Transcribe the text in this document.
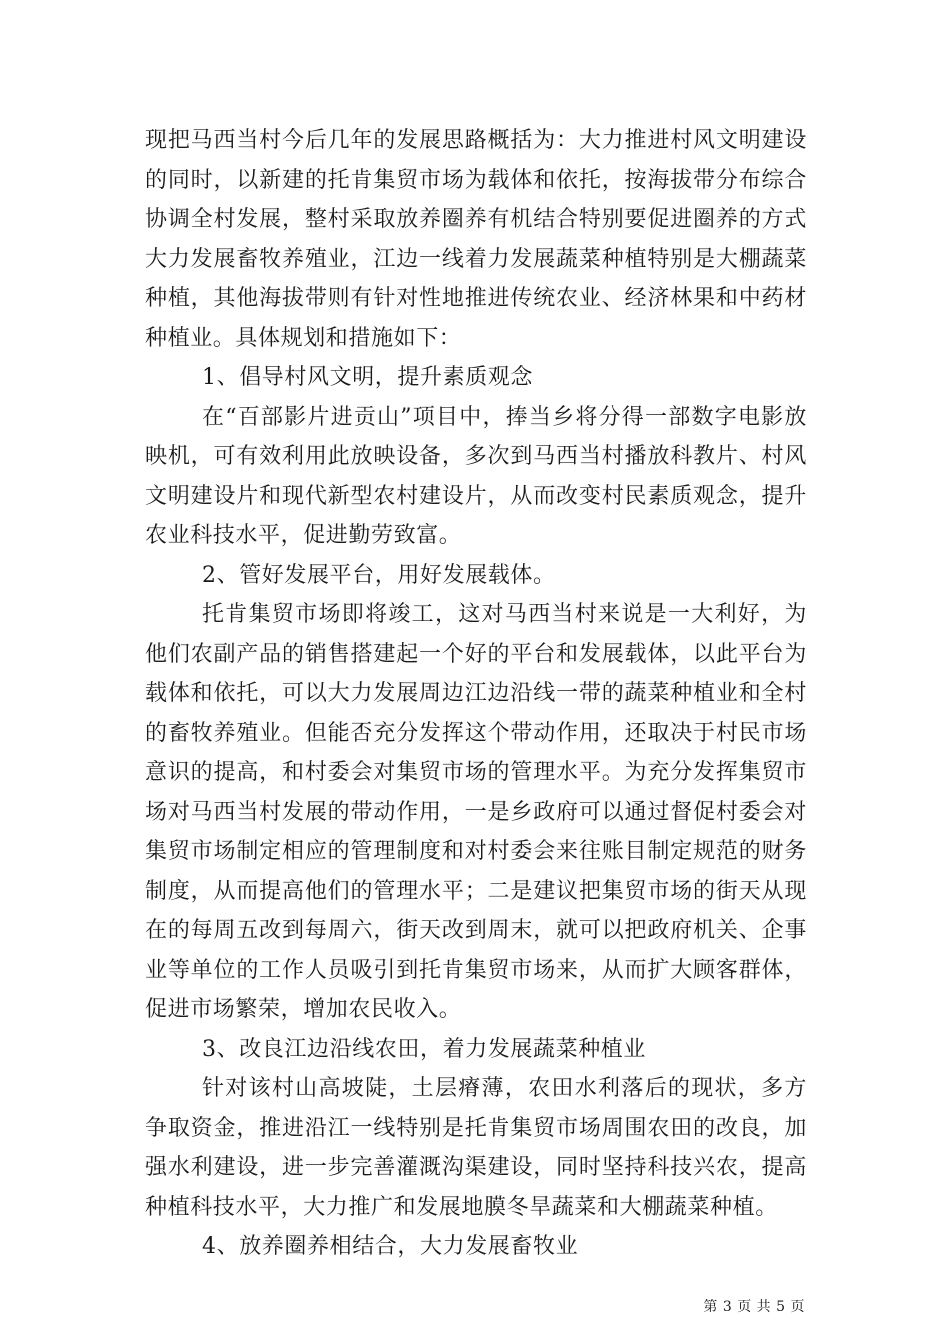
现把马西当村今后几年的发展思路概括为：大力推进村风文明建设的同时，以新建的托肯集贸市场为载体和依托，按海拔带分布综合协调全村发展，整村采取放养圈养有机结合特别要促进圈养的方式大力发展畜牧养殖业，江边一线着力发展蔬菜种植特别是大棚蔬菜种植，其他海拔带则有针对性地推进传统农业、经济林果和中药材种植业。具体规划和措施如下：

1、倡导村风文明，提升素质观念

在“百部影片进贡山”项目中，捧当乡将分得一部数字电影放映机，可有效利用此放映设备，多次到马西当村播放科教片、村风文明建设片和现代新型农村建设片，从而改变村民素质观念，提升农业科技水平，促进勤劳致富。

2、管好发展平台，用好发展载体。

托肯集贸市场即将竣工，这对马西当村来说是一大利好，为他们农副产品的销售搭建起一个好的平台和发展载体，以此平台为载体和依托，可以大力发展周边江边沿线一带的蔬菜种植业和全村的畜牧养殖业。但能否充分发挥这个带动作用，还取决于村民市场意识的提高，和村委会对集贸市场的管理水平。为充分发挥集贸市场对马西当村发展的带动作用，一是乡政府可以通过督促村委会对集贸市场制定相应的管理制度和对村委会来往账目制定规范的财务制度，从而提高他们的管理水平；二是建议把集贸市场的街天从现在的每周五改到每周六，街天改到周末，就可以把政府机关、企事业等单位的工作人员吸引到托肯集贸市场来，从而扩大顾客群体，促进市场繁荣，增加农民收入。

3、改良江边沿线农田，着力发展蔬菜种植业

针对该村山高坡陡，土层瘠薄，农田水利落后的现状，多方争取资金，推进沿江一线特别是托肯集贸市场周围农田的改良，加强水利建设，进一步完善灌溉沟渠建设，同时坚持科技兴农，提高种植科技水平，大力推广和发展地膜冬旱蔬菜和大棚蔬菜种植。

4、放养圈养相结合，大力发展畜牧业

第 3 页 共 5 页
